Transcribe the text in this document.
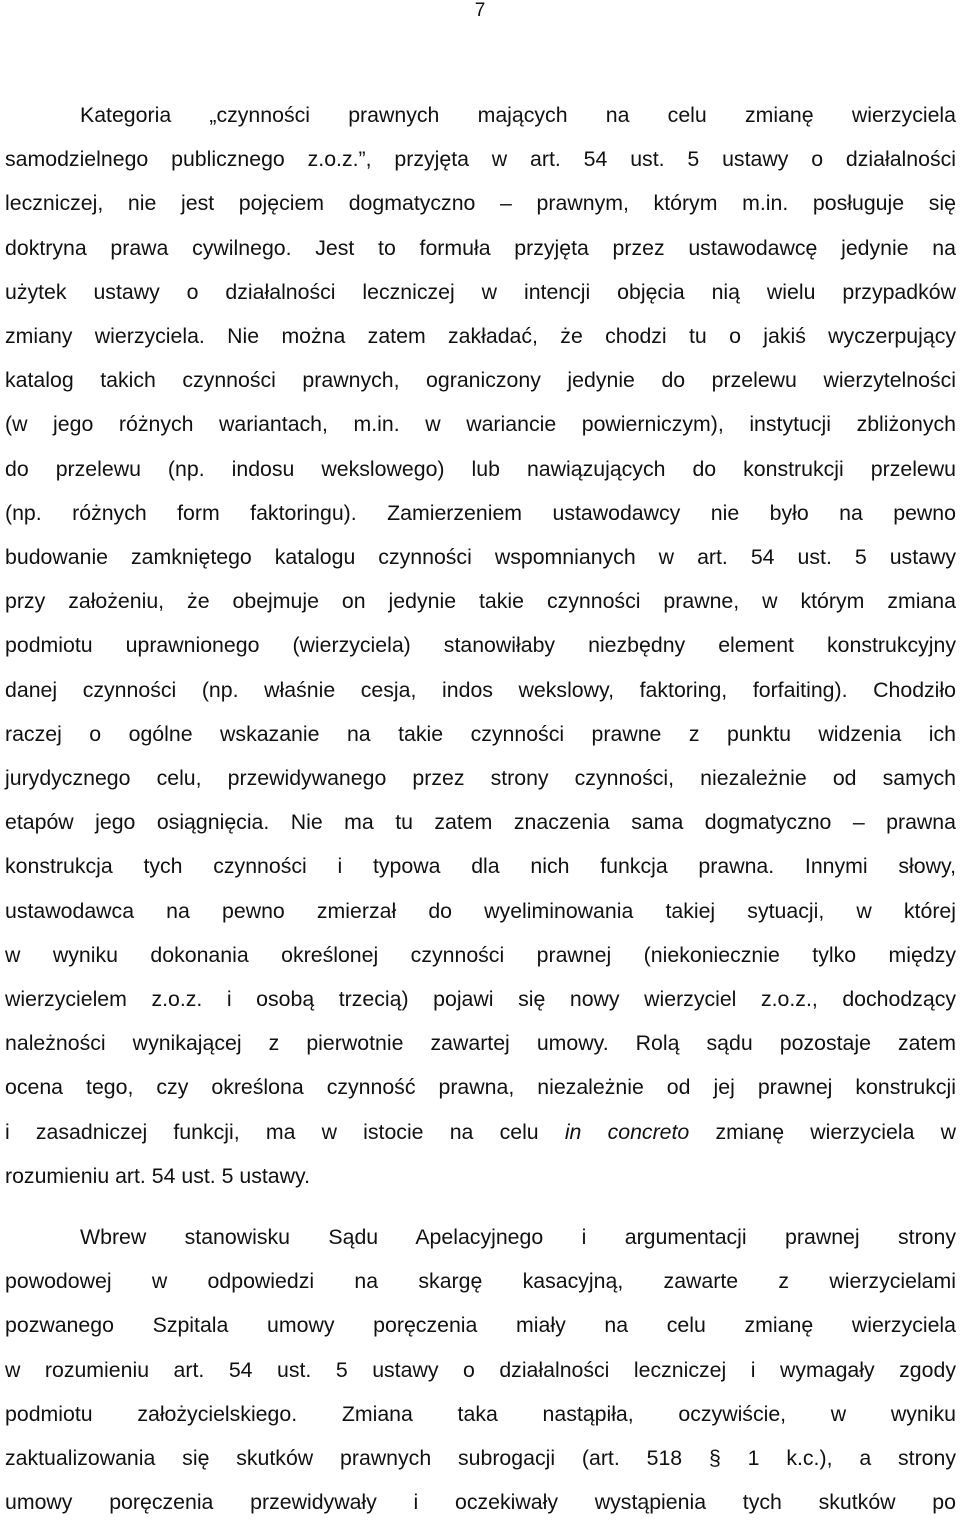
7
Kategoria „czynności prawnych mających na celu zmianę wierzyciela
samodzielnego publicznego z.o.z.”, przyjęta w art. 54 ust. 5 ustawy o działalności
leczniczej, nie jest pojęciem dogmatyczno – prawnym, którym m.in. posługuje się
doktryna prawa cywilnego. Jest to formuła przyjęta przez ustawodawcę jedynie na
użytek ustawy o działalności leczniczej w intencji objęcia nią wielu przypadków
zmiany wierzyciela. Nie można zatem zakładać, że chodzi tu o jakiś wyczerpujący
katalog takich czynności prawnych, ograniczony jedynie do przelewu wierzytelności
(w jego różnych wariantach, m.in. w wariancie powierniczym), instytucji zbliżonych
do przelewu (np. indosu wekslowego) lub nawiązujących do konstrukcji przelewu
(np. różnych form faktoringu). Zamierzeniem ustawodawcy nie było na pewno
budowanie zamkniętego katalogu czynności wspomnianych w art. 54 ust. 5 ustawy
przy założeniu, że obejmuje on jedynie takie czynności prawne, w którym zmiana
podmiotu uprawnionego (wierzyciela) stanowiłaby niezbędny element konstrukcyjny
danej czynności (np. właśnie cesja, indos wekslowy, faktoring, forfaiting). Chodziło
raczej o ogólne wskazanie na takie czynności prawne z punktu widzenia ich
jurydycznego celu, przewidywanego przez strony czynności, niezależnie od samych
etapów jego osiągnięcia. Nie ma tu zatem znaczenia sama dogmatyczno – prawna
konstrukcja tych czynności i typowa dla nich funkcja prawna. Innymi słowy,
ustawodawca na pewno zmierzał do wyeliminowania takiej sytuacji, w której
w wyniku dokonania określonej czynności prawnej (niekoniecznie tylko między
wierzycielem z.o.z. i osobą trzecią) pojawi się nowy wierzyciel z.o.z., dochodzący
należności wynikającej z pierwotnie zawartej umowy. Rolą sądu pozostaje zatem
ocena tego, czy określona czynność prawna, niezależnie od jej prawnej konstrukcji
i zasadniczej funkcji, ma w istocie na celu in concreto zmianę wierzyciela w
rozumieniu art. 54 ust. 5 ustawy.
Wbrew stanowisku Sądu Apelacyjnego i argumentacji prawnej strony
powodowej w odpowiedzi na skargę kasacyjną, zawarte z wierzycielami
pozwanego Szpitala umowy poręczenia miały na celu zmianę wierzyciela
w rozumieniu art. 54 ust. 5 ustawy o działalności leczniczej i wymagały zgody
podmiotu założycielskiego. Zmiana taka nastąpiła, oczywiście, w wyniku
zaktualizowania się skutków prawnych subrogacji (art. 518 § 1 k.c.), a strony
umowy poręczenia przewidywały i oczekiwały wystąpienia tych skutków po
